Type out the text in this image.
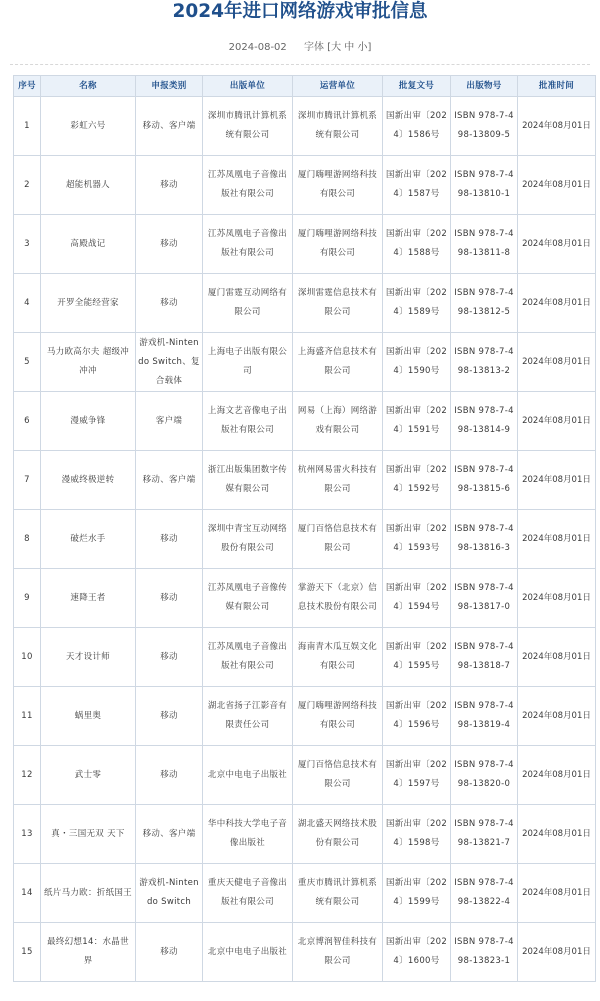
2024年进口网络游戏审批信息
2024-08-02 字体 [大 中 小]
序号	名称	申报类别	出版单位	运营单位	批复文号	出版物号	批准时间
1	彩虹六号	移动、客户端	深圳市腾讯计算机系统有限公司	深圳市腾讯计算机系统有限公司	国新出审〔2024〕1586号	ISBN 978-7-498-13809-5	2024年08月01日
2	超能机器人	移动	江苏凤凰电子音像出版社有限公司	厦门嗨哩游网络科技有限公司	国新出审〔2024〕1587号	ISBN 978-7-498-13810-1	2024年08月01日
3	高殿战记	移动	江苏凤凰电子音像出版社有限公司	厦门嗨哩游网络科技有限公司	国新出审〔2024〕1588号	ISBN 978-7-498-13811-8	2024年08月01日
4	开罗全能经营家	移动	厦门雷霆互动网络有限公司	深圳雷霆信息技术有限公司	国新出审〔2024〕1589号	ISBN 978-7-498-13812-5	2024年08月01日
5	马力欧高尔夫 超级冲冲冲	游戏机-Nintendo Switch、复合载体	上海电子出版有限公司	上海盛齐信息技术有限公司	国新出审〔2024〕1590号	ISBN 978-7-498-13813-2	2024年08月01日
6	漫威争锋	客户端	上海文艺音像电子出版社有限公司	网易（上海）网络游戏有限公司	国新出审〔2024〕1591号	ISBN 978-7-498-13814-9	2024年08月01日
7	漫威终极逆转	移动、客户端	浙江出版集团数字传媒有限公司	杭州网易雷火科技有限公司	国新出审〔2024〕1592号	ISBN 978-7-498-13815-6	2024年08月01日
8	破烂水手	移动	深圳中青宝互动网络股份有限公司	厦门百恪信息技术有限公司	国新出审〔2024〕1593号	ISBN 978-7-498-13816-3	2024年08月01日
9	速降王者	移动	江苏凤凰电子音像传媒有限公司	掌游天下（北京）信息技术股份有限公司	国新出审〔2024〕1594号	ISBN 978-7-498-13817-0	2024年08月01日
10	天才设计师	移动	江苏凤凰电子音像出版社有限公司	海南青木瓜互娱文化有限公司	国新出审〔2024〕1595号	ISBN 978-7-498-13818-7	2024年08月01日
11	蜗里奥	移动	湖北省扬子江影音有限责任公司	厦门嗨哩游网络科技有限公司	国新出审〔2024〕1596号	ISBN 978-7-498-13819-4	2024年08月01日
12	武士零	移动	北京中电电子出版社	厦门百恪信息技术有限公司	国新出审〔2024〕1597号	ISBN 978-7-498-13820-0	2024年08月01日
13	真・三国无双 天下	移动、客户端	华中科技大学电子音像出版社	湖北盛天网络技术股份有限公司	国新出审〔2024〕1598号	ISBN 978-7-498-13821-7	2024年08月01日
14	纸片马力欧：折纸国王	游戏机-Nintendo Switch	重庆天健电子音像出版社有限公司	重庆市腾讯计算机系统有限公司	国新出审〔2024〕1599号	ISBN 978-7-498-13822-4	2024年08月01日
15	最终幻想14：水晶世界	移动	北京中电电子出版社	北京博润智佳科技有限公司	国新出审〔2024〕1600号	ISBN 978-7-498-13823-1	2024年08月01日
